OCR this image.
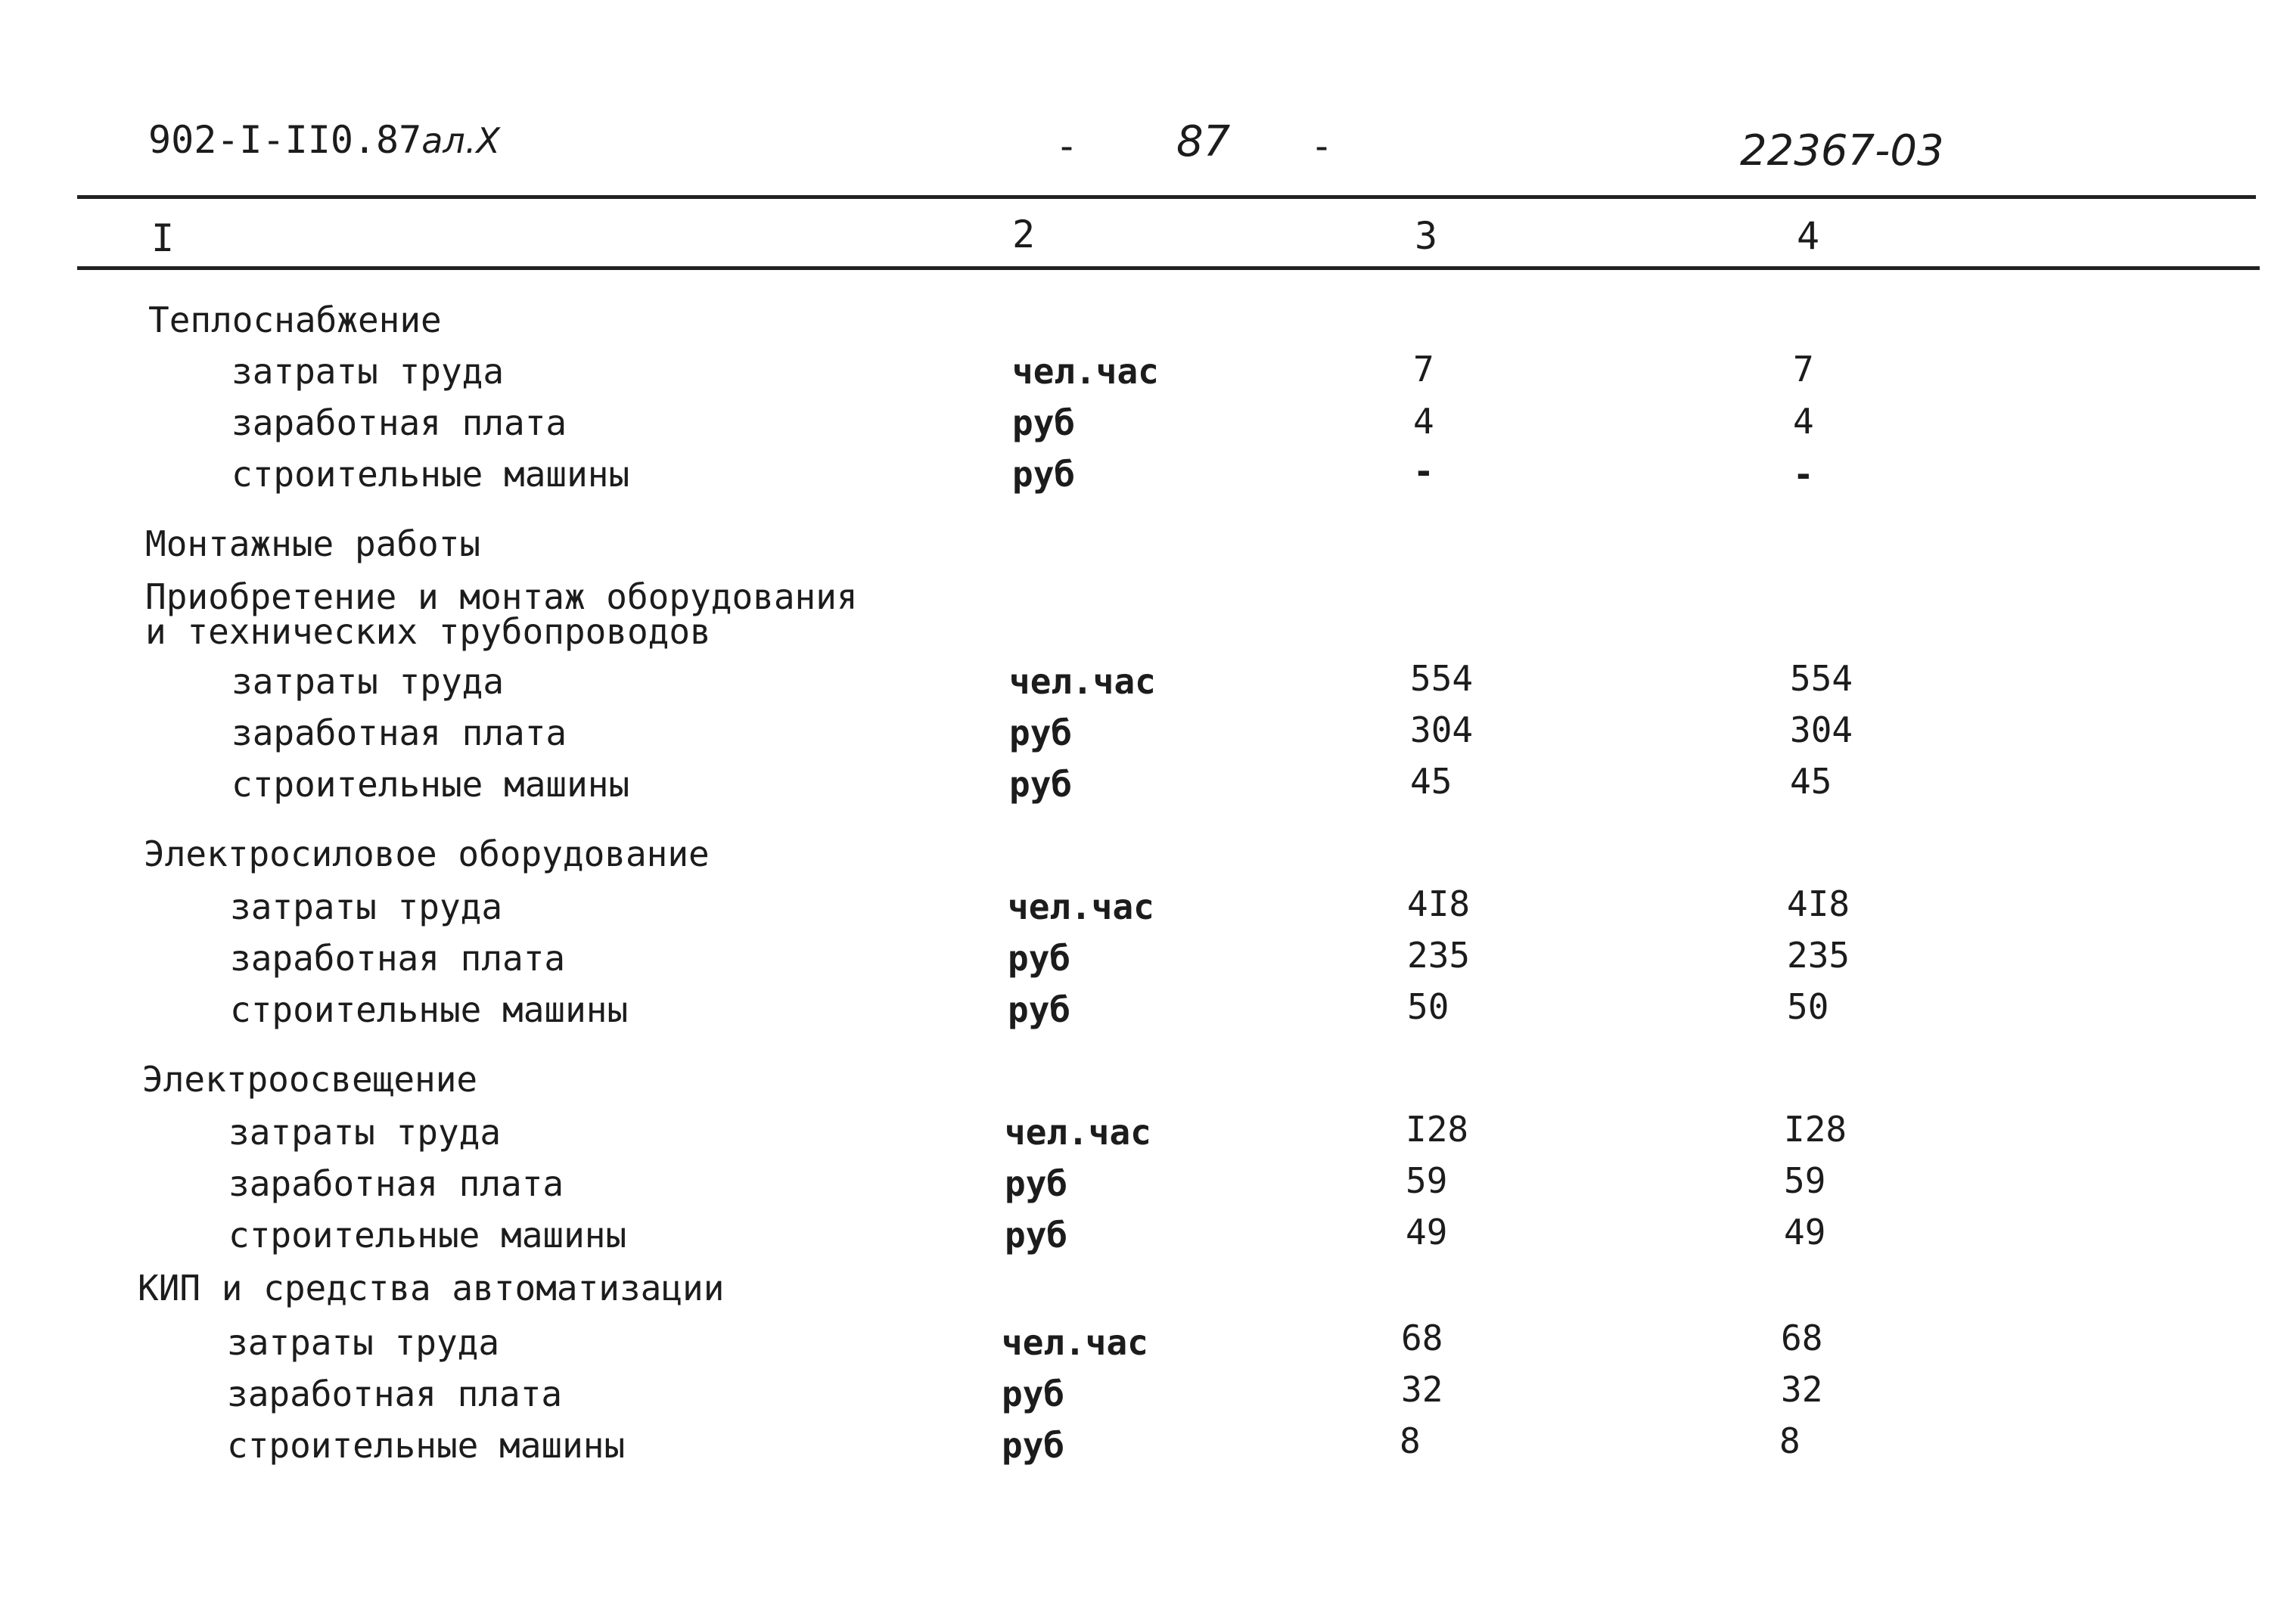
902-I-II0.87ал.X	- 87 -	22367-03
I	2	3	4
Теплоснабжение
затраты труда	чел.час	7	7
заработная плата	руб	4	4
строительные машины	руб	-	-
Монтажные работы
Приобретение и монтаж оборудования
и технических трубопроводов
затраты труда	чел.час	554	554
заработная плата	руб	304	304
строительные машины	руб	45	45
Электросиловое оборудование
затраты труда	чел.час	4I8	4I8
заработная плата	руб	235	235
строительные машины	руб	50	50
Электроосвещение
затраты труда	чел.час	I28	I28
заработная плата	руб	59	59
строительные машины	руб	49	49
КИП и средства автоматизации
затраты труда	чел.час	68	68
заработная плата	руб	32	32
строительные машины	руб	8	8
